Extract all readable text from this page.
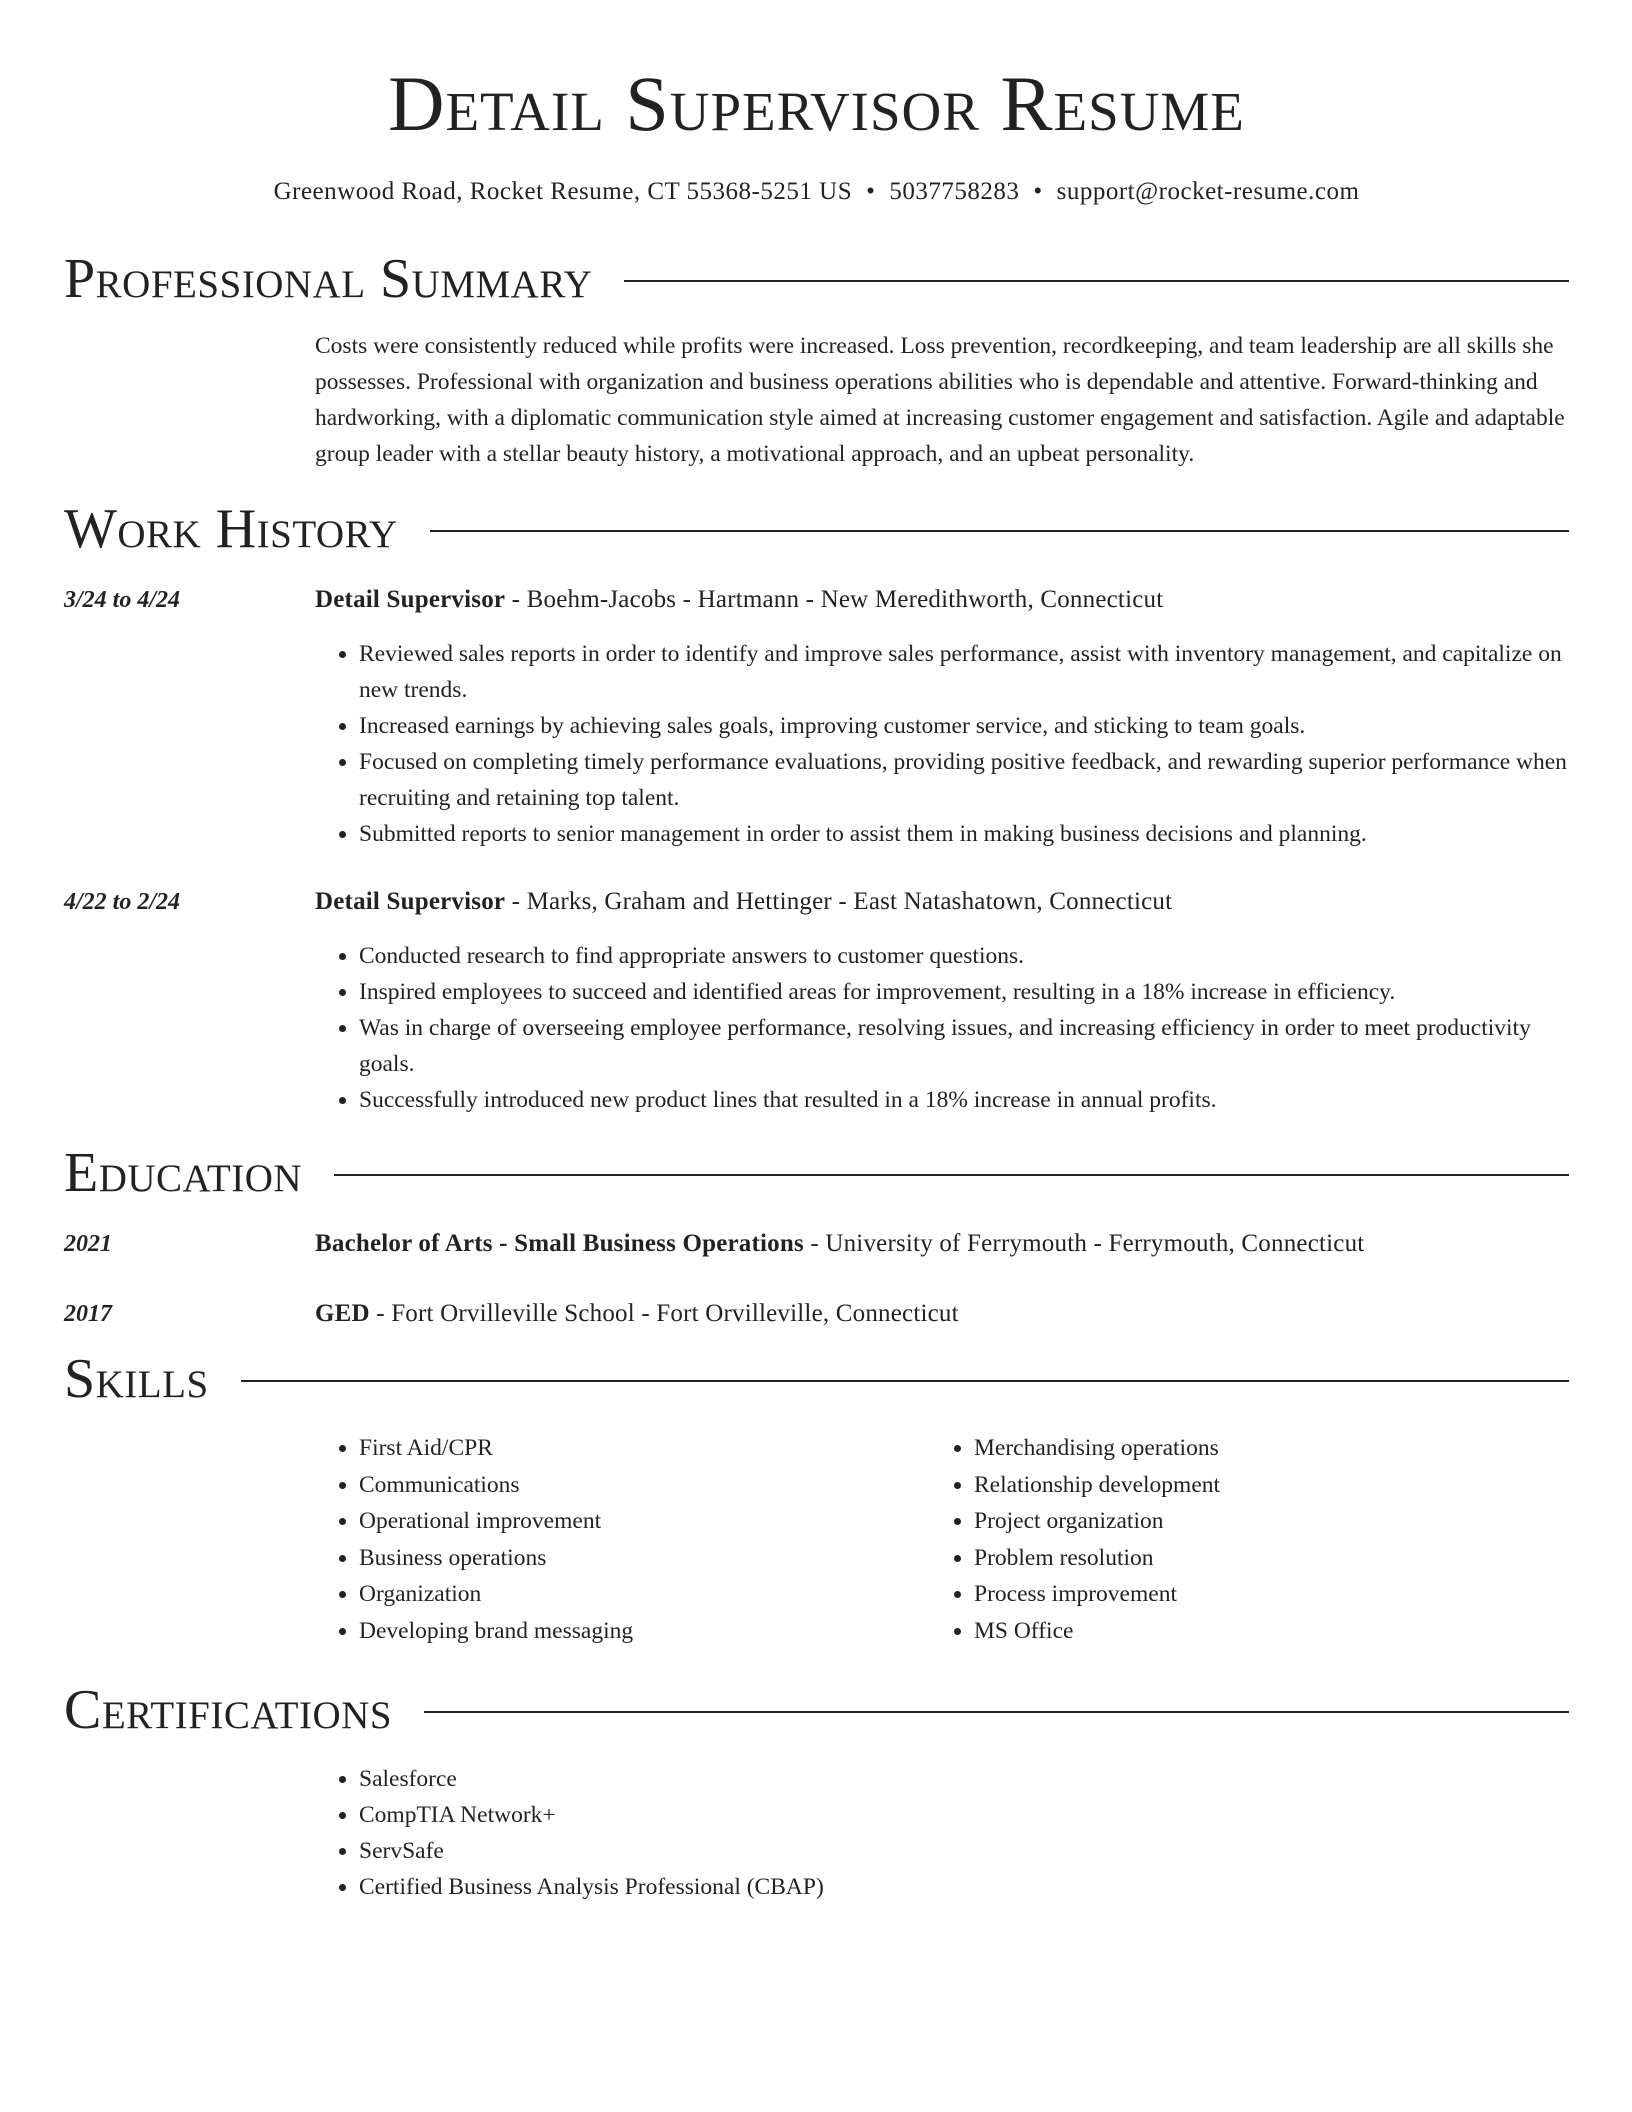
Detail Supervisor Resume
Greenwood Road, Rocket Resume, CT 55368-5251 US • 5037758283 • support@rocket-resume.com
Professional Summary
Costs were consistently reduced while profits were increased. Loss prevention, recordkeeping, and team leadership are all skills she possesses. Professional with organization and business operations abilities who is dependable and attentive. Forward-thinking and hardworking, with a diplomatic communication style aimed at increasing customer engagement and satisfaction. Agile and adaptable group leader with a stellar beauty history, a motivational approach, and an upbeat personality.
Work History
3/24 to 4/24	Detail Supervisor - Boehm-Jacobs - Hartmann - New Meredithworth, Connecticut
• Reviewed sales reports in order to identify and improve sales performance, assist with inventory management, and capitalize on new trends.
• Increased earnings by achieving sales goals, improving customer service, and sticking to team goals.
• Focused on completing timely performance evaluations, providing positive feedback, and rewarding superior performance when recruiting and retaining top talent.
• Submitted reports to senior management in order to assist them in making business decisions and planning.
4/22 to 2/24	Detail Supervisor - Marks, Graham and Hettinger - East Natashatown, Connecticut
• Conducted research to find appropriate answers to customer questions.
• Inspired employees to succeed and identified areas for improvement, resulting in a 18% increase in efficiency.
• Was in charge of overseeing employee performance, resolving issues, and increasing efficiency in order to meet productivity goals.
• Successfully introduced new product lines that resulted in a 18% increase in annual profits.
Education
2021	Bachelor of Arts - Small Business Operations - University of Ferrymouth - Ferrymouth, Connecticut
2017	GED - Fort Orvilleville School - Fort Orvilleville, Connecticut
Skills
• First Aid/CPR
• Communications
• Operational improvement
• Business operations
• Organization
• Developing brand messaging
• Merchandising operations
• Relationship development
• Project organization
• Problem resolution
• Process improvement
• MS Office
Certifications
• Salesforce
• CompTIA Network+
• ServSafe
• Certified Business Analysis Professional (CBAP)
